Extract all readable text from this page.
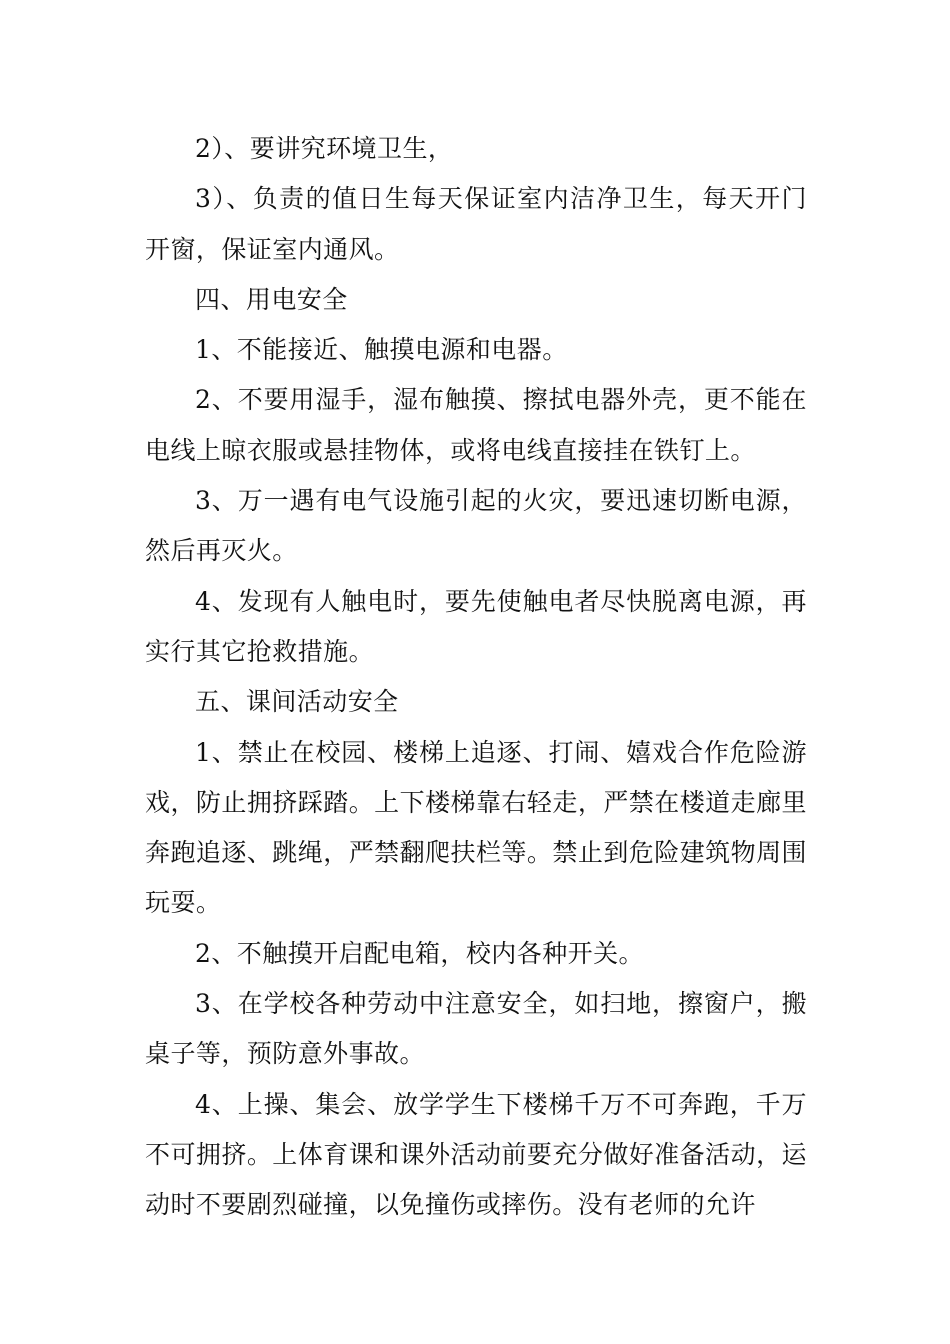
2）、要讲究环境卫生，

3）、负责的值日生每天保证室内洁净卫生，每天开门开窗，保证室内通风。

四、用电安全

1、不能接近、触摸电源和电器。

2、不要用湿手，湿布触摸、擦拭电器外壳，更不能在电线上晾衣服或悬挂物体，或将电线直接挂在铁钉上。

3、万一遇有电气设施引起的火灾，要迅速切断电源，然后再灭火。

4、发现有人触电时，要先使触电者尽快脱离电源，再实行其它抢救措施。

五、课间活动安全

1、禁止在校园、楼梯上追逐、打闹、嬉戏合作危险游戏，防止拥挤踩踏。上下楼梯靠右轻走，严禁在楼道走廊里奔跑追逐、跳绳，严禁翻爬扶栏等。禁止到危险建筑物周围玩耍。

2、不触摸开启配电箱，校内各种开关。

3、在学校各种劳动中注意安全，如扫地，擦窗户，搬桌子等，预防意外事故。

4、上操、集会、放学学生下楼梯千万不可奔跑，千万不可拥挤。上体育课和课外活动前要充分做好准备活动，运动时不要剧烈碰撞，以免撞伤或摔伤。没有老师的允许
